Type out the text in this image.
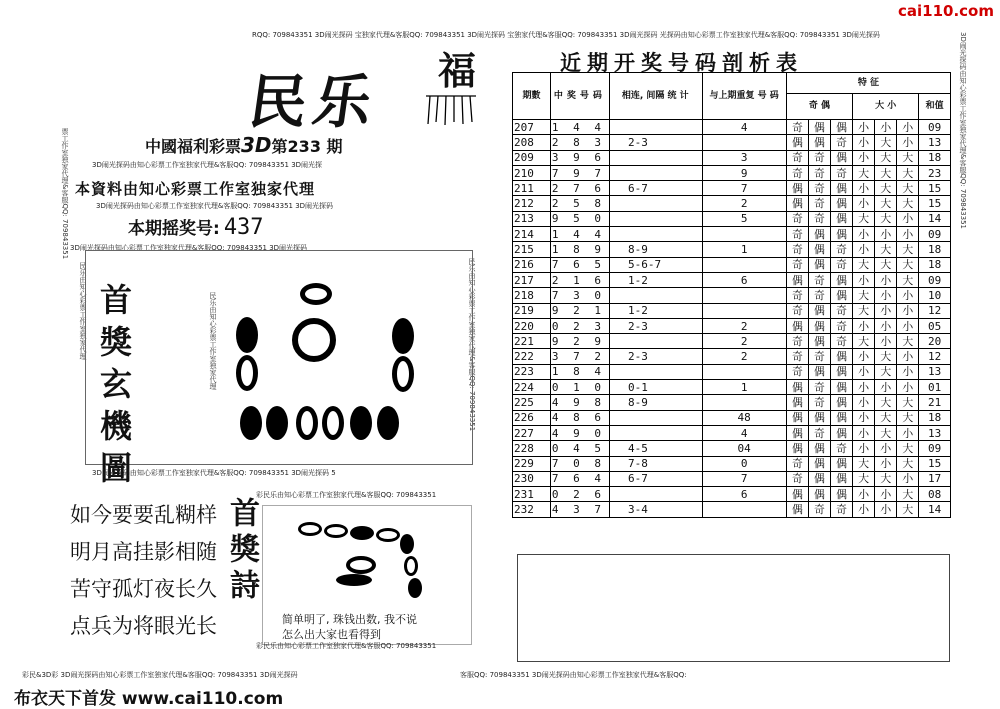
RQQ: 709843351 3D闹光探码 宝独家代理&客服QQ: 709843351 3D闹光探码 宝独家代理&客服QQ: 709843351 3D闹光探码 光探码由知心彩票工作室独家代理&客服QQ: 709843351 3D闹光探码
cai110.com
民乐 福
中國福利彩票3D第233 期
3D闹光探码由知心彩票工作室独家代理&客服QQ: 709843351 3D闹光探
本資料由知心彩票工作室独家代理
3D闹光探码由知心彩票工作室独家代理&客服QQ: 709843351 3D闹光探码
本期摇奖号: 437
3D闹光探码由知心彩票工作室独家代理&客服QQ: 709843351 3D闹光探码
票工作室独家代理&客服QQ: 709843351
民乐由知心彩票工作室独家代理	民乐由知心彩票工作室独家代理
3D闹光探码由知心彩票工作室独家代理&客服QQ: 709843351
民乐由知心彩票工作室独家代理&客服QQ: 709843351
首獎玄機圖
3D闹光探码由知心彩票工作室独家代理&客服QQ: 709843351 3D闹光探码 5
彩民乐由知心彩票工作室独家代理&客服QQ: 709843351
如今要要乱糊样
明月高挂影相随
苦守孤灯夜长久
点兵为将眼光长
首獎詩
简单明了, 珠钱出数, 我不说
怎么出大家也看得到
彩民乐由知心彩票工作室独家代理&客服QQ: 709843351
彩民&3D彩 3D闹光探码由知心彩票工作室独家代理&客服QQ: 709843351 3D闹光探码	客服QQ: 709843351 3D闹光探码由知心彩票工作室独家代理&客服QQ:
布衣天下首发 www.cai110.com
近期开奖号码剖析表
期數	中奖号码	相连, 间隔 统 计	与上期重复 号 码	特 征						
				奇 偶			大 小			和值
207	1 4 4		4	奇	偶	偶	小	小	小	09
208	2 8 3	2-3		偶	偶	奇	小	大	小	13
209	3 9 6		3	奇	奇	偶	小	大	大	18
210	7 9 7		9	奇	奇	奇	大	大	大	23
211	2 7 6	6-7	7	偶	奇	偶	小	大	大	15
212	2 5 8		2	偶	奇	偶	小	大	大	15
213	9 5 0		5	奇	奇	偶	大	大	小	14
214	1 4 4			奇	偶	偶	小	小	小	09
215	1 8 9	8-9	1	奇	偶	奇	小	大	大	18
216	7 6 5	5-6-7		奇	偶	奇	大	大	大	18
217	2 1 6	1-2	6	偶	奇	偶	小	小	大	09
218	7 3 0			奇	奇	偶	大	小	小	10
219	9 2 1	1-2		奇	偶	奇	大	小	小	12
220	0 2 3	2-3	2	偶	偶	奇	小	小	小	05
221	9 2 9		2	奇	偶	奇	大	小	大	20
222	3 7 2	2-3	2	奇	奇	偶	小	大	小	12
223	1 8 4			奇	偶	偶	小	大	小	13
224	0 1 0	0-1	1	偶	奇	偶	小	小	小	01
225	4 9 8	8-9		偶	奇	偶	小	大	大	21
226	4 8 6		48	偶	偶	偶	小	大	大	18
227	4 9 0		4	偶	奇	偶	小	大	小	13
228	0 4 5	4-5	04	偶	偶	奇	小	小	大	09
229	7 0 8	7-8	0	奇	偶	偶	大	小	大	15
230	7 6 4	6-7	7	奇	偶	偶	大	大	小	17
231	0 2 6		6	偶	偶	偶	小	小	大	08
232	4 3 7	3-4		偶	奇	奇	小	小	大	14
